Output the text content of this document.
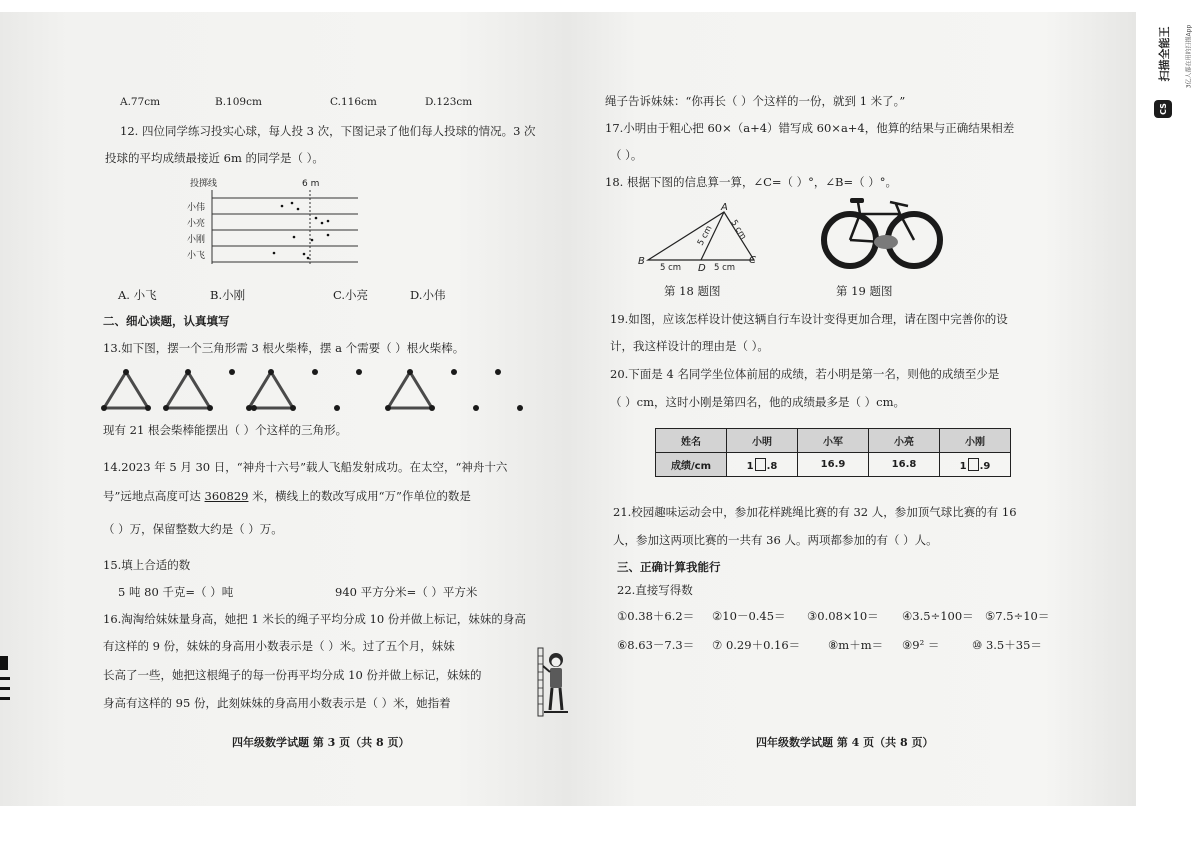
CS
扫描全能王	3亿人都在用的扫描App
A.77cm	B.109cm	C.116cm	D.123cm
12. 四位同学练习投实心球，每人投 3 次，下图记录了他们每人投球的情况。3 次
投球的平均成绩最接近 6m 的同学是（ ）。
投掷线	6 m
小伟
小亮
小刚
小飞
A. 小飞	B.小刚	C.小亮	D.小伟
二、细心读题，认真填写
13.如下图，摆一个三角形需 3 根火柴棒，摆 a 个需要（ ）根火柴棒。
现有 21 根会柴棒能摆出（ ）个这样的三角形。
14.2023 年 5 月 30 日，“神舟十六号”载人飞船发射成功。在太空，“神舟十六
号”远地点高度可达 360829 米，横线上的数改写成用“万”作单位的数是
（ ）万，保留整数大约是（ ）万。
15.填上合适的数
5 吨 80 千克=（ ）吨	940 平方分米=（ ）平方米
16.淘淘给妹妹量身高，她把 1 米长的绳子平均分成 10 份并做上标记，妹妹的身高
有这样的 9 份，妹妹的身高用小数表示是（ ）米。过了五个月，妹妹
长高了一些，她把这根绳子的每一份再平均分成 10 份并做上标记，妹妹的
身高有这样的 95 份，此刻妹妹的身高用小数表示是（ ）米，她指着
四年级数学试题 第 3 页（共 8 页）
绳子告诉妹妹：“你再长（ ）个这样的一份，就到 1 米了。”
17.小明由于粗心把 60×（a+4）错写成 60×a+4，他算的结果与正确结果相差
（ ）。
18. 根据下图的信息算一算，∠C=（ ）°，∠B=（ ）°。
B
A
C
D
5 cm	5 cm
5 cm 5 cm
第 18 题图	第 19 题图
19.如图，应该怎样设计使这辆自行车设计变得更加合理，请在图中完善你的设
计，我这样设计的理由是（ ）。
20.下面是 4 名同学坐位体前屈的成绩，若小明是第一名，则他的成绩至少是
（ ）cm，这时小刚是第四名，他的成绩最多是（ ）cm。
姓名	小明	小军	小亮	小刚
成绩/cm	1 .8	16.9	16.8	1 .9
21.校园趣味运动会中，参加花样跳绳比赛的有 32 人，参加顶气球比赛的有 16
人，参加这两项比赛的一共有 36 人。两项都参加的有（ ）人。
三、正确计算我能行
22.直接写得数
①0.38＋6.2＝ ②10－0.45＝ ③0.08×10＝ ④3.5÷100＝ ⑤7.5÷10＝
⑥8.63－7.3＝ ⑦ 0.29＋0.16＝ ⑧m＋m＝ ⑨9² ＝	⑩ 3.5＋35＝
四年级数学试题 第 4 页（共 8 页）
